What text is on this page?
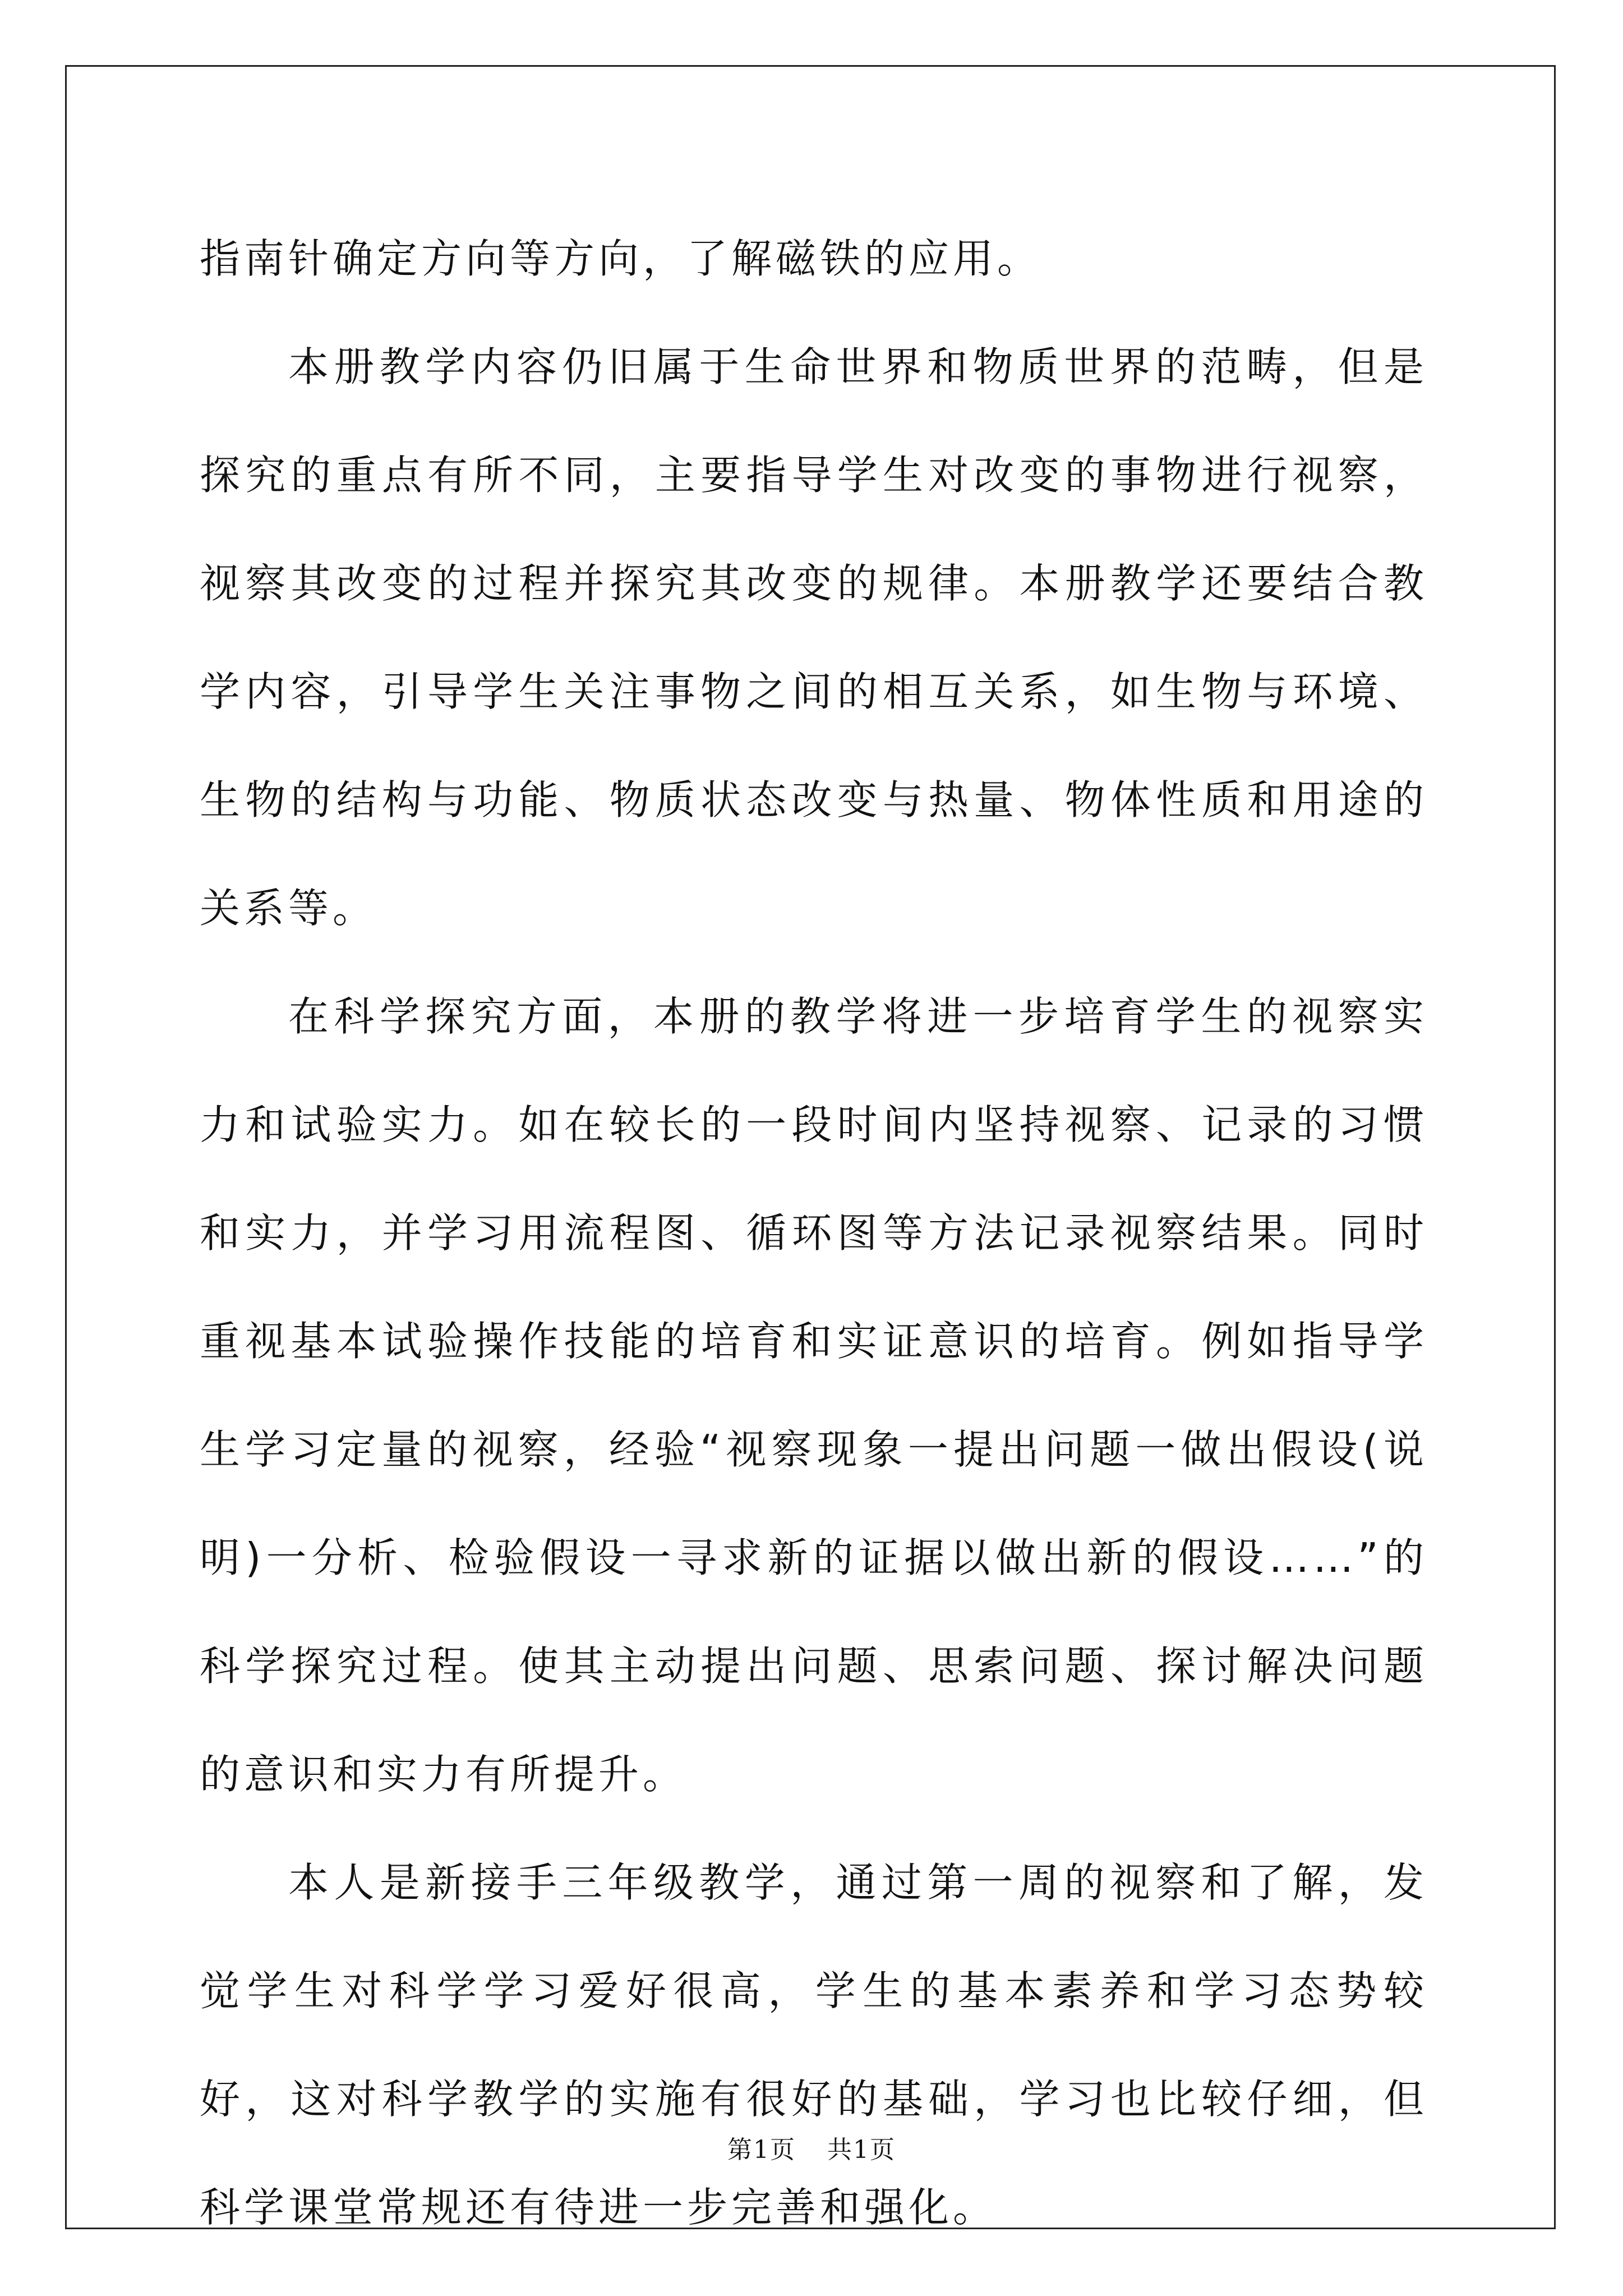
指南针确定方向等方向，了解磁铁的应用。

本册教学内容仍旧属于生命世界和物质世界的范畴，但是探究的重点有所不同，主要指导学生对改变的事物进行视察，视察其改变的过程并探究其改变的规律。本册教学还要结合教学内容，引导学生关注事物之间的相互关系，如生物与环境、生物的结构与功能、物质状态改变与热量、物体性质和用途的关系等。

在科学探究方面，本册的教学将进一步培育学生的视察实力和试验实力。如在较长的一段时间内坚持视察、记录的习惯和实力，并学习用流程图、循环图等方法记录视察结果。同时重视基本试验操作技能的培育和实证意识的培育。例如指导学生学习定量的视察，经验“视察现象一提出问题一做出假设(说明)一分析、检验假设一寻求新的证据以做出新的假设……”的科学探究过程。使其主动提出问题、思索问题、探讨解决问题的意识和实力有所提升。

本人是新接手三年级教学，通过第一周的视察和了解，发觉学生对科学学习爱好很高，学生的基本素养和学习态势较好，这对科学教学的实施有很好的基础，学习也比较仔细，但科学课堂常规还有待进一步完善和强化。

第1页 共1页
